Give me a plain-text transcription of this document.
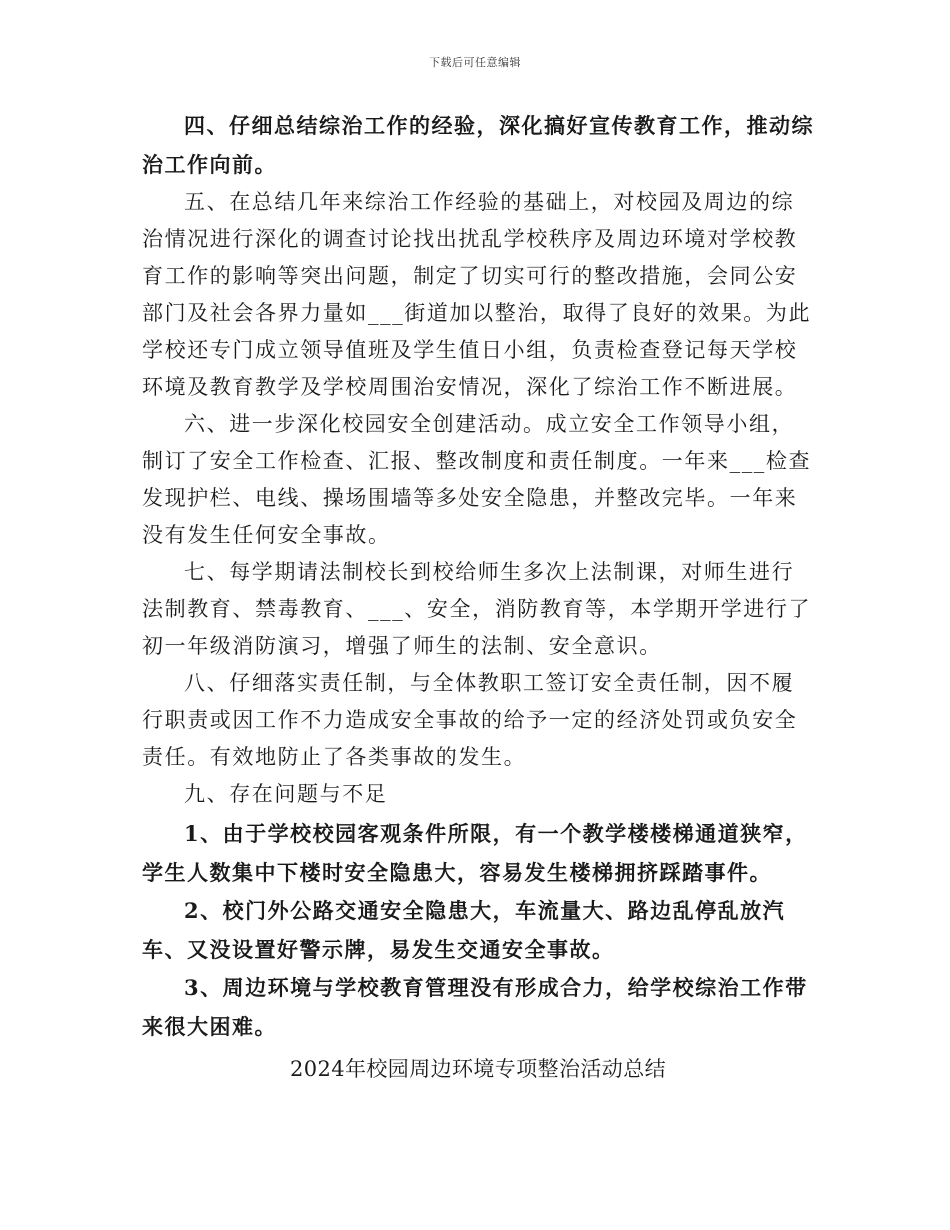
下载后可任意编辑

四、仔细总结综治工作的经验，深化搞好宣传教育工作，推动综治工作向前。

五、在总结几年来综治工作经验的基础上，对校园及周边的综治情况进行深化的调查讨论找出扰乱学校秩序及周边环境对学校教育工作的影响等突出问题，制定了切实可行的整改措施，会同公安部门及社会各界力量如___街道加以整治，取得了良好的效果。为此学校还专门成立领导值班及学生值日小组，负责检查登记每天学校环境及教育教学及学校周围治安情况，深化了综治工作不断进展。

六、进一步深化校园安全创建活动。成立安全工作领导小组，制订了安全工作检查、汇报、整改制度和责任制度。一年来___检查发现护栏、电线、操场围墙等多处安全隐患，并整改完毕。一年来没有发生任何安全事故。

七、每学期请法制校长到校给师生多次上法制课，对师生进行法制教育、禁毒教育、___、安全，消防教育等，本学期开学进行了初一年级消防演习，增强了师生的法制、安全意识。

八、仔细落实责任制，与全体教职工签订安全责任制，因不履行职责或因工作不力造成安全事故的给予一定的经济处罚或负安全责任。有效地防止了各类事故的发生。

九、存在问题与不足

1、由于学校校园客观条件所限，有一个教学楼楼梯通道狭窄，学生人数集中下楼时安全隐患大，容易发生楼梯拥挤踩踏事件。

2、校门外公路交通安全隐患大，车流量大、路边乱停乱放汽车、又没设置好警示牌，易发生交通安全事故。

3、周边环境与学校教育管理没有形成合力，给学校综治工作带来很大困难。

2024年校园周边环境专项整治活动总结
